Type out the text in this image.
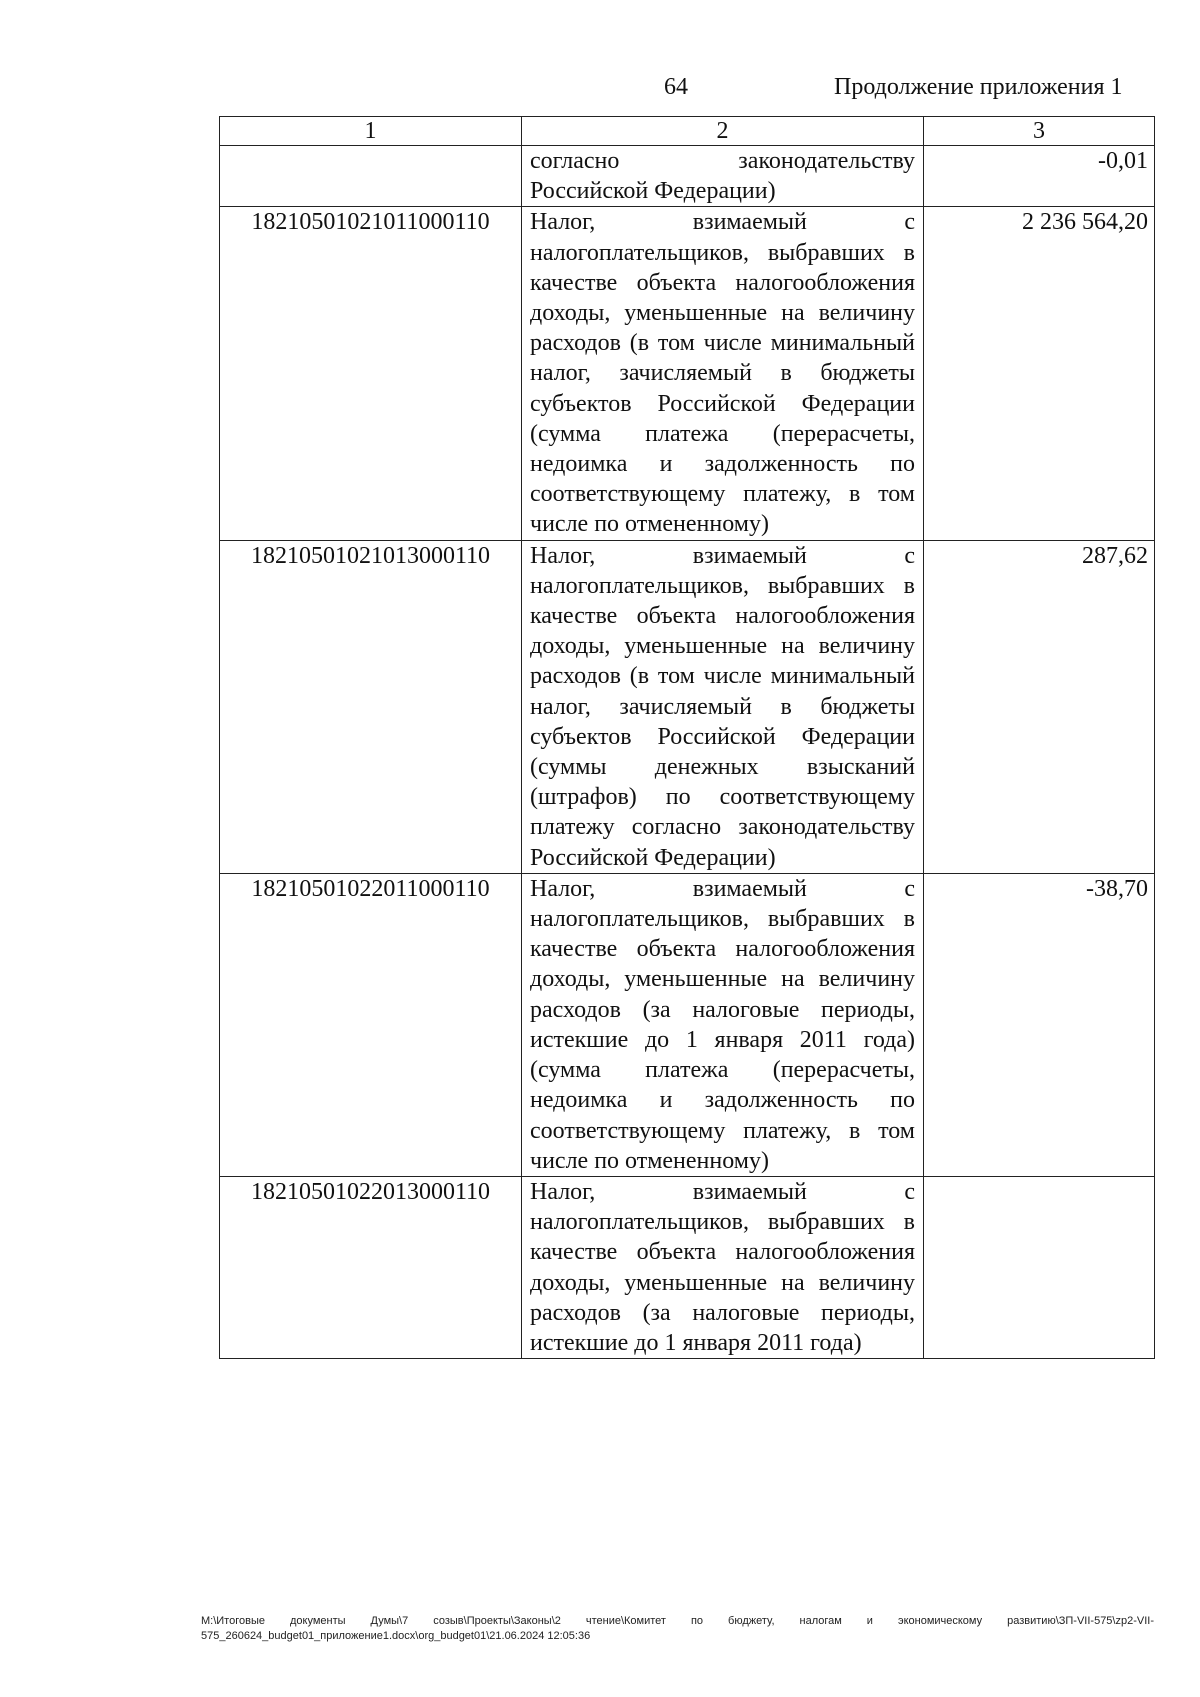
64	Продолжение приложения 1
1	2	3
	согласно законодательству Российской Федерации)	-0,01
18210501021011000110	Налог, взимаемый с налогоплательщиков, выбравших в качестве объекта налогообложения доходы, уменьшенные на величину расходов (в том числе минимальный налог, зачисляемый в бюджеты субъектов Российской Федерации (сумма платежа (перерасчеты, недоимка и задолженность по соответствующему платежу, в том числе по отмененному)	2 236 564,20
18210501021013000110	Налог, взимаемый с налогоплательщиков, выбравших в качестве объекта налогообложения доходы, уменьшенные на величину расходов (в том числе минимальный налог, зачисляемый в бюджеты субъектов Российской Федерации (суммы денежных взысканий (штрафов) по соответствующему платежу согласно законодательству Российской Федерации)	287,62
18210501022011000110	Налог, взимаемый с налогоплательщиков, выбравших в качестве объекта налогообложения доходы, уменьшенные на величину расходов (за налоговые периоды, истекшие до 1 января 2011 года) (сумма платежа (перерасчеты, недоимка и задолженность по соответствующему платежу, в том числе по отмененному)	-38,70
18210501022013000110	Налог, взимаемый с налогоплательщиков, выбравших в качестве объекта налогообложения доходы, уменьшенные на величину расходов (за налоговые периоды, истекшие до 1 января 2011 года)	
М:\Итоговые документы Думы\7 созыв\Проекты\Законы\2 чтение\Комитет по бюджету, налогам и экономическому развитию\ЗП-VII-575\zp2-VII-575_260624_budget01_приложение1.docx\org_budget01\21.06.2024 12:05:36
